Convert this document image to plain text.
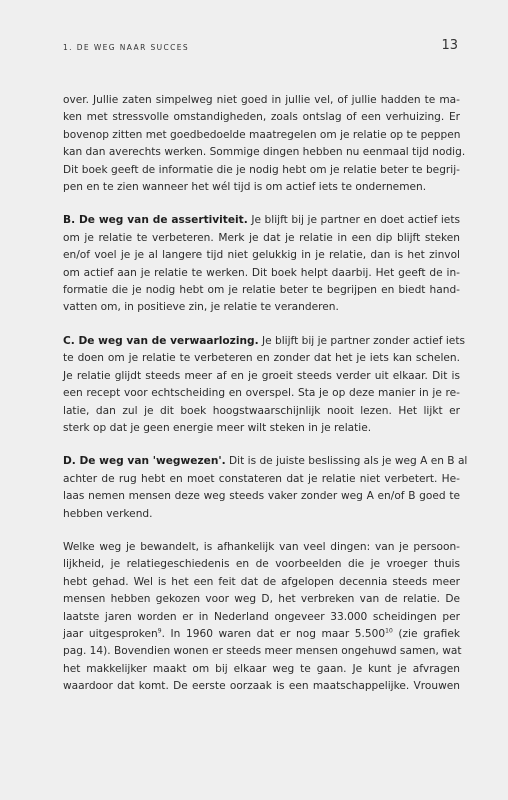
1. DE WEG NAAR SUCCES	13

over. Jullie zaten simpelweg niet goed in jullie vel, of jullie hadden te ma-
ken met stressvolle omstandigheden, zoals ontslag of een verhuizing. Er
bovenop zitten met goedbedoelde maatregelen om je relatie op te peppen
kan dan averechts werken. Sommige dingen hebben nu eenmaal tijd nodig.
Dit boek geeft de informatie die je nodig hebt om je relatie beter te begrij-
pen en te zien wanneer het wél tijd is om actief iets te ondernemen.

B. De weg van de assertiviteit. Je blijft bij je partner en doet actief iets
om je relatie te verbeteren. Merk je dat je relatie in een dip blijft steken
en/of voel je je al langere tijd niet gelukkig in je relatie, dan is het zinvol
om actief aan je relatie te werken. Dit boek helpt daarbij. Het geeft de in-
formatie die je nodig hebt om je relatie beter te begrijpen en biedt hand-
vatten om, in positieve zin, je relatie te veranderen.

C. De weg van de verwaarlozing. Je blijft bij je partner zonder actief iets
te doen om je relatie te verbeteren en zonder dat het je iets kan schelen.
Je relatie glijdt steeds meer af en je groeit steeds verder uit elkaar. Dit is
een recept voor echtscheiding en overspel. Sta je op deze manier in je re-
latie, dan zul je dit boek hoogstwaarschijnlijk nooit lezen. Het lijkt er
sterk op dat je geen energie meer wilt steken in je relatie.

D. De weg van 'wegwezen'. Dit is de juiste beslissing als je weg A en B al
achter de rug hebt en moet constateren dat je relatie niet verbetert. He-
laas nemen mensen deze weg steeds vaker zonder weg A en/of B goed te
hebben verkend.

Welke weg je bewandelt, is afhankelijk van veel dingen: van je persoon-
lijkheid, je relatiegeschiedenis en de voorbeelden die je vroeger thuis
hebt gehad. Wel is het een feit dat de afgelopen decennia steeds meer
mensen hebben gekozen voor weg D, het verbreken van de relatie. De
laatste jaren worden er in Nederland ongeveer 33.000 scheidingen per
jaar uitgesproken$^9$. In 1960 waren dat er nog maar 5.500$^{10}$ (zie grafiek
pag. 14). Bovendien wonen er steeds meer mensen ongehuwd samen, wat
het makkelijker maakt om bij elkaar weg te gaan. Je kunt je afvragen
waardoor dat komt. De eerste oorzaak is een maatschappelijke. Vrouwen
